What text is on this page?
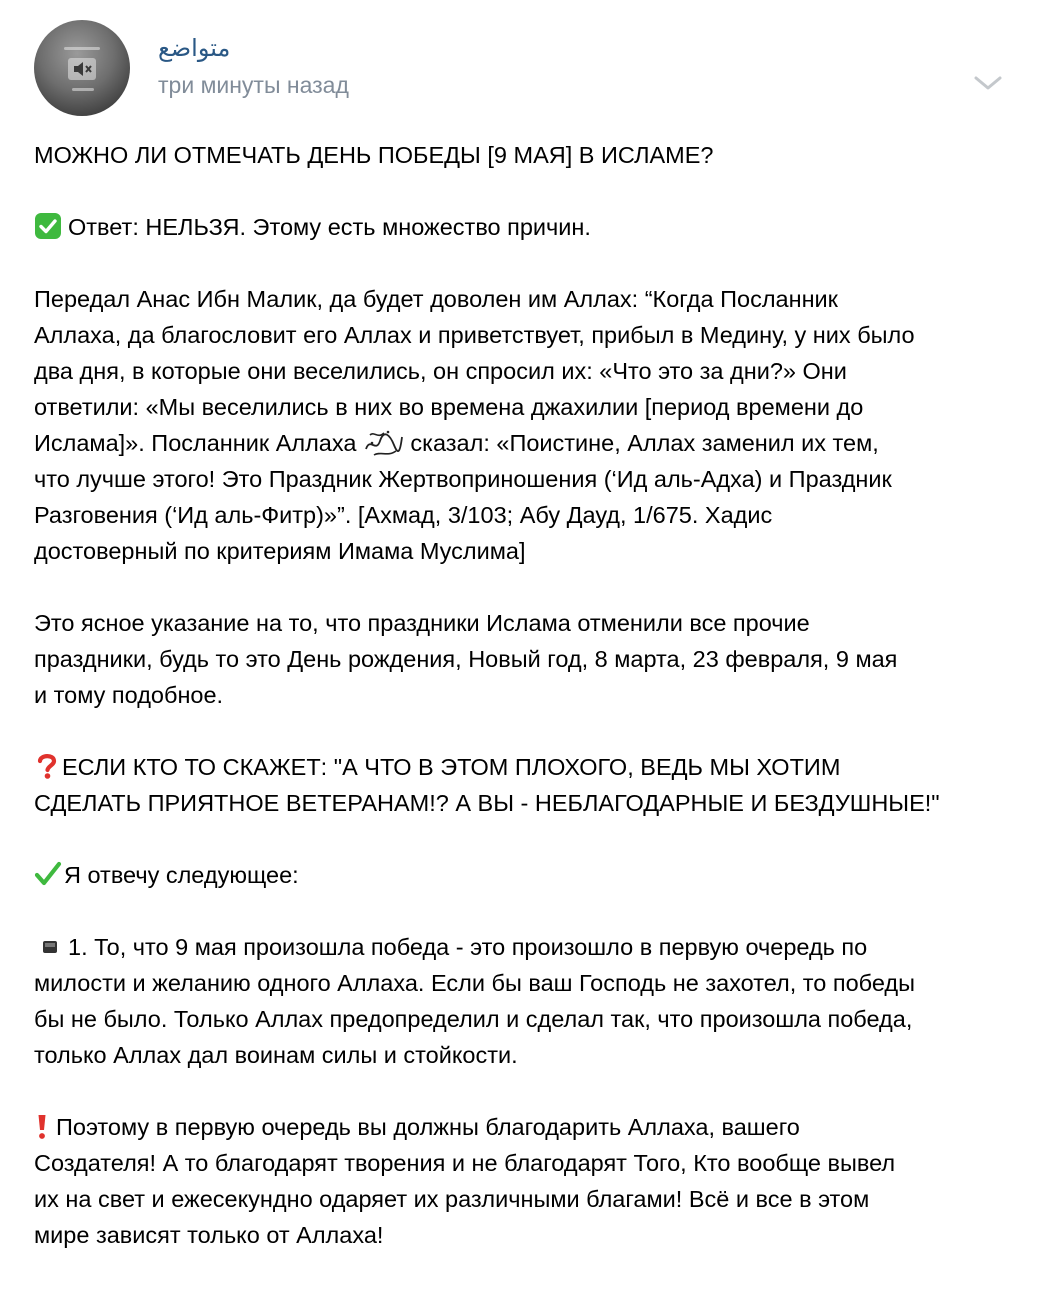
متواضع
три минуты назад
МОЖНО ЛИ ОТМЕЧАТЬ ДЕНЬ ПОБЕДЫ [9 МАЯ] В ИСЛАМЕ?
Ответ: НЕЛЬЗЯ. Этому есть множество причин.
Передал Анас Ибн Малик, да будет доволен им Аллах: “Когда Посланник
Аллаха, да благословит его Аллах и приветствует, прибыл в Медину, у них было
два дня, в которые они веселились, он спросил их: «Что это за дни?» Они
ответили: «Мы веселились в них во времена джахилии [период времени до
Ислама]». Посланник Аллаха сказал: «Поистине, Аллах заменил их тем,
что лучше этого! Это Праздник Жертвоприношения (‘Ид аль-Адха) и Праздник
Разговения (‘Ид аль-Фитр)»”. [Ахмад, 3/103; Абу Дауд, 1/675. Хадис
достоверный по критериям Имама Муслима]
Это ясное указание на то, что праздники Ислама отменили все прочие
праздники, будь то это День рождения, Новый год, 8 марта, 23 февраля, 9 мая
и тому подобное.
ЕСЛИ КТО ТО СКАЖЕТ: "А ЧТО В ЭТОМ ПЛОХОГО, ВЕДЬ МЫ ХОТИМ
СДЕЛАТЬ ПРИЯТНОЕ ВЕТЕРАНАМ!? А ВЫ - НЕБЛАГОДАРНЫЕ И БЕЗДУШНЫЕ!"
Я отвечу следующее:
1. То, что 9 мая произошла победа - это произошло в первую очередь по
милости и желанию одного Аллаха. Если бы ваш Господь не захотел, то победы
бы не было. Только Аллах предопределил и сделал так, что произошла победа,
только Аллах дал воинам силы и стойкости.
Поэтому в первую очередь вы должны благодарить Аллаха, вашего
Создателя! А то благодарят творения и не благодарят Того, Кто вообще вывел
их на свет и ежесекундно одаряет их различными благами! Всё и все в этом
мире зависят только от Аллаха!
